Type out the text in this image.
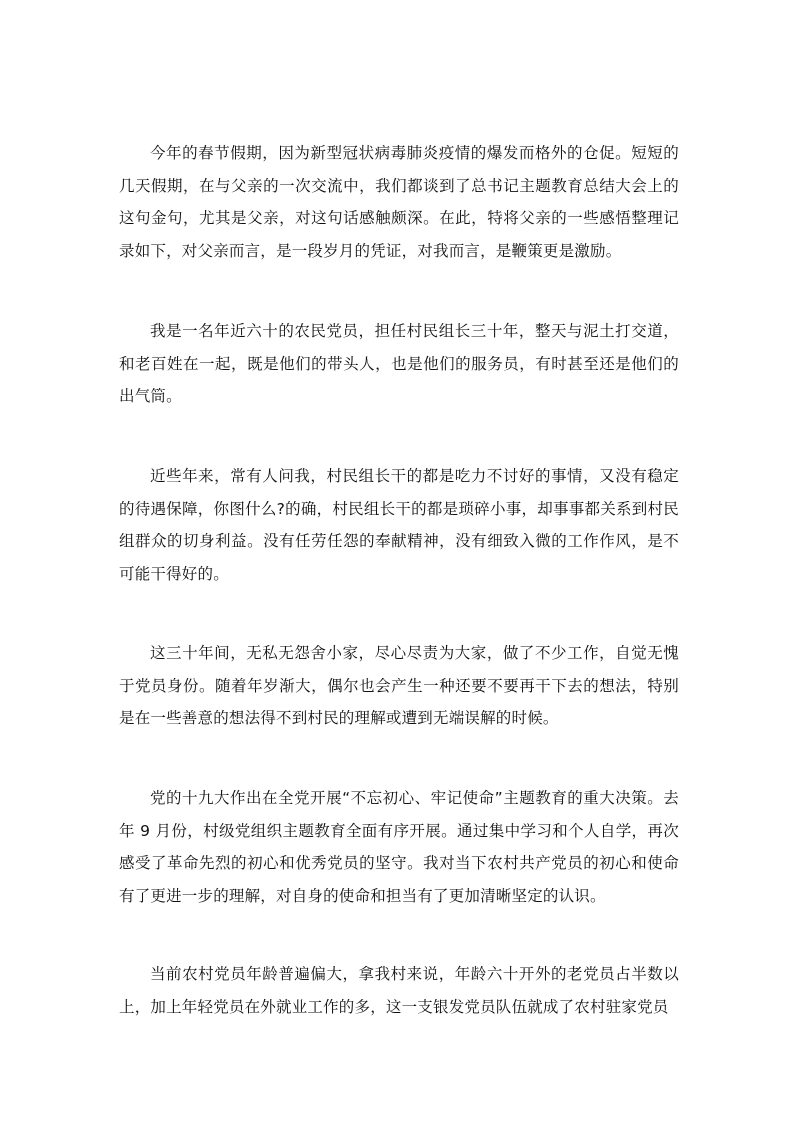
今年的春节假期，因为新型冠状病毒肺炎疫情的爆发而格外的仓促。短短的几天假期，在与父亲的一次交流中，我们都谈到了总书记主题教育总结大会上的这句金句，尤其是父亲，对这句话感触颇深。在此，特将父亲的一些感悟整理记录如下，对父亲而言，是一段岁月的凭证，对我而言，是鞭策更是激励。

我是一名年近六十的农民党员，担任村民组长三十年，整天与泥土打交道，和老百姓在一起，既是他们的带头人，也是他们的服务员，有时甚至还是他们的出气筒。

近些年来，常有人问我，村民组长干的都是吃力不讨好的事情，又没有稳定的待遇保障，你图什么?的确，村民组长干的都是琐碎小事，却事事都关系到村民组群众的切身利益。没有任劳任怨的奉献精神，没有细致入微的工作作风，是不可能干得好的。

这三十年间，无私无怨舍小家，尽心尽责为大家，做了不少工作，自觉无愧于党员身份。随着年岁渐大，偶尔也会产生一种还要不要再干下去的想法，特别是在一些善意的想法得不到村民的理解或遭到无端误解的时候。

党的十九大作出在全党开展“不忘初心、牢记使命”主题教育的重大决策。去年 9 月份，村级党组织主题教育全面有序开展。通过集中学习和个人自学，再次感受了革命先烈的初心和优秀党员的坚守。我对当下农村共产党员的初心和使命有了更进一步的理解，对自身的使命和担当有了更加清晰坚定的认识。

当前农村党员年龄普遍偏大，拿我村来说，年龄六十开外的老党员占半数以上，加上年轻党员在外就业工作的多，这一支银发党员队伍就成了农村驻家党员
